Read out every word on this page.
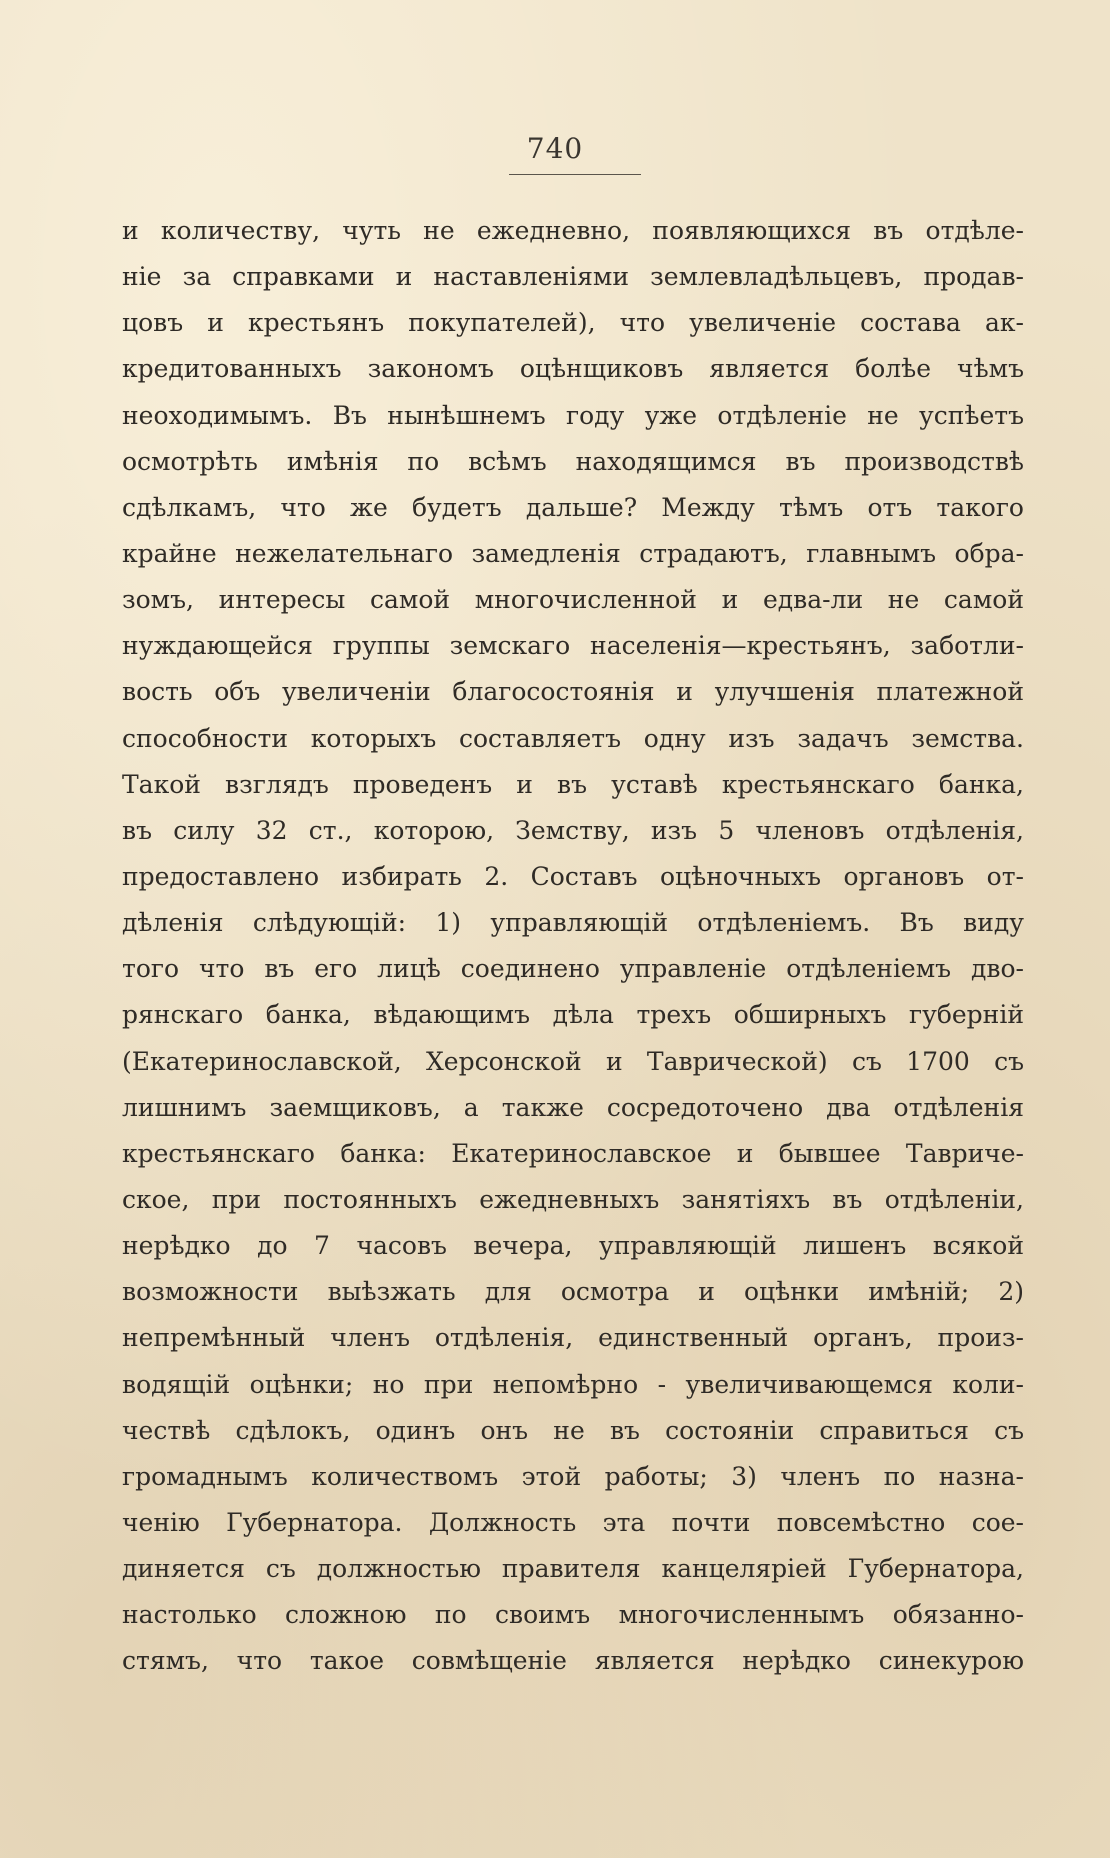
740
и количеству, чуть не ежедневно, появляющихся въ отдѣле-
ніе за справками и наставленіями землевладѣльцевъ, продав-
цовъ и крестьянъ покупателей), что увеличеніе состава ак-
кредитованныхъ закономъ оцѣнщиковъ является болѣе чѣмъ
неоходимымъ. Въ нынѣшнемъ году уже отдѣленіе не успѣетъ
осмотрѣть имѣнія по всѣмъ находящимся въ производствѣ
сдѣлкамъ, что же будетъ дальше? Между тѣмъ отъ такого
крайне нежелательнаго замедленія страдаютъ, главнымъ обра-
зомъ, интересы самой многочисленной и едва-ли не самой
нуждающейся группы земскаго населенія—крестьянъ, заботли-
вость объ увеличеніи благосостоянія и улучшенія платежной
способности которыхъ составляетъ одну изъ задачъ земства.
Такой взглядъ проведенъ и въ уставѣ крестьянскаго банка,
въ силу 32 ст., которою, Земству, изъ 5 членовъ отдѣленія,
предоставлено избирать 2. Составъ оцѣночныхъ органовъ от-
дѣленія слѣдующій: 1) управляющій отдѣленіемъ. Въ виду
того что въ его лицѣ соединено управленіе отдѣленіемъ дво-
рянскаго банка, вѣдающимъ дѣла трехъ обширныхъ губерній
(Екатеринославской, Херсонской и Таврической) съ 1700 съ
лишнимъ заемщиковъ, а также сосредоточено два отдѣленія
крестьянскаго банка: Екатеринославское и бывшее Тавриче-
ское, при постоянныхъ ежедневныхъ занятіяхъ въ отдѣленіи,
нерѣдко до 7 часовъ вечера, управляющій лишенъ всякой
возможности выѣзжать для осмотра и оцѣнки имѣній; 2)
непремѣнный членъ отдѣленія, единственный органъ, произ-
водящій оцѣнки; но при непомѣрно - увеличивающемся коли-
чествѣ сдѣлокъ, одинъ онъ не въ состояніи справиться съ
громаднымъ количествомъ этой работы; 3) членъ по назна-
ченію Губернатора. Должность эта почти повсемѣстно сое-
диняется съ должностью правителя канцеляріей Губернатора,
настолько сложною по своимъ многочисленнымъ обязанно-
стямъ, что такое совмѣщеніе является нерѣдко синекурою
